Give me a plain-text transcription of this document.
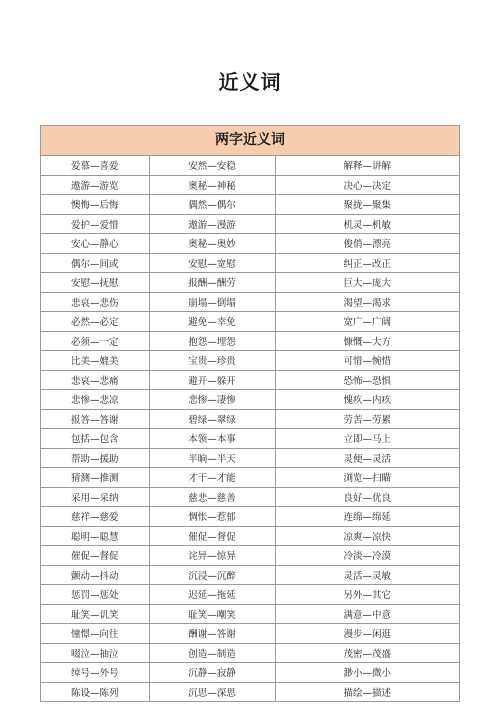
近义词
两字近义词
爱慕—喜爱	安然—安稳	解释—讲解
遨游—游览	奥秘—神秘	决心—决定
懊悔—后悔	偶然—偶尔	聚拢—聚集
爱护—爱惜	遨游—漫游	机灵—机敏
安心—静心	奥秘—奥妙	俊俏—漂亮
偶尔—间或	安慰—宽慰	纠正—改正
安慰—抚慰	报酬—酬劳	巨大—庞大
悲哀—悲伤	崩塌—倒塌	渴望—渴求
必然—必定	避免—幸免	宽广—广阔
必须—一定	抱怨—埋怨	慷慨—大方
比美—媲美	宝贵—珍贵	可惜—惋惜
悲哀—悲痛	避开—躲开	恐怖—恐惧
悲惨—悲凉	悲惨—凄惨	愧疚—内疚
报答—答谢	碧绿—翠绿	劳苦—劳累
包括—包含	本领—本事	立即—马上
帮助—援助	半晌—半天	灵便—灵活
猜测—推测	才干—才能	浏览—扫瞄
采用—采纳	慈悲—慈善	良好—优良
慈祥—慈爱	惆怅—惹郁	连绵—绵延
聪明—聪慧	催促—督促	凉爽—凉快
催促—督促	诧异—惊异	冷淡—冷漠
颤动—抖动	沉浸—沉醉	灵活—灵敏
惩罚—惩处	迟延—拖延	另外—其它
耻笑—讥笑	耻笑—嘲笑	满意—中意
憧憬—向往	酬谢—答谢	漫步—闲逛
啜泣—抽泣	创造—制造	茂密—茂盛
绰号—外号	沉静—寂静	渺小—微小
陈设—陈列	沉思—深思	描绘—描述
